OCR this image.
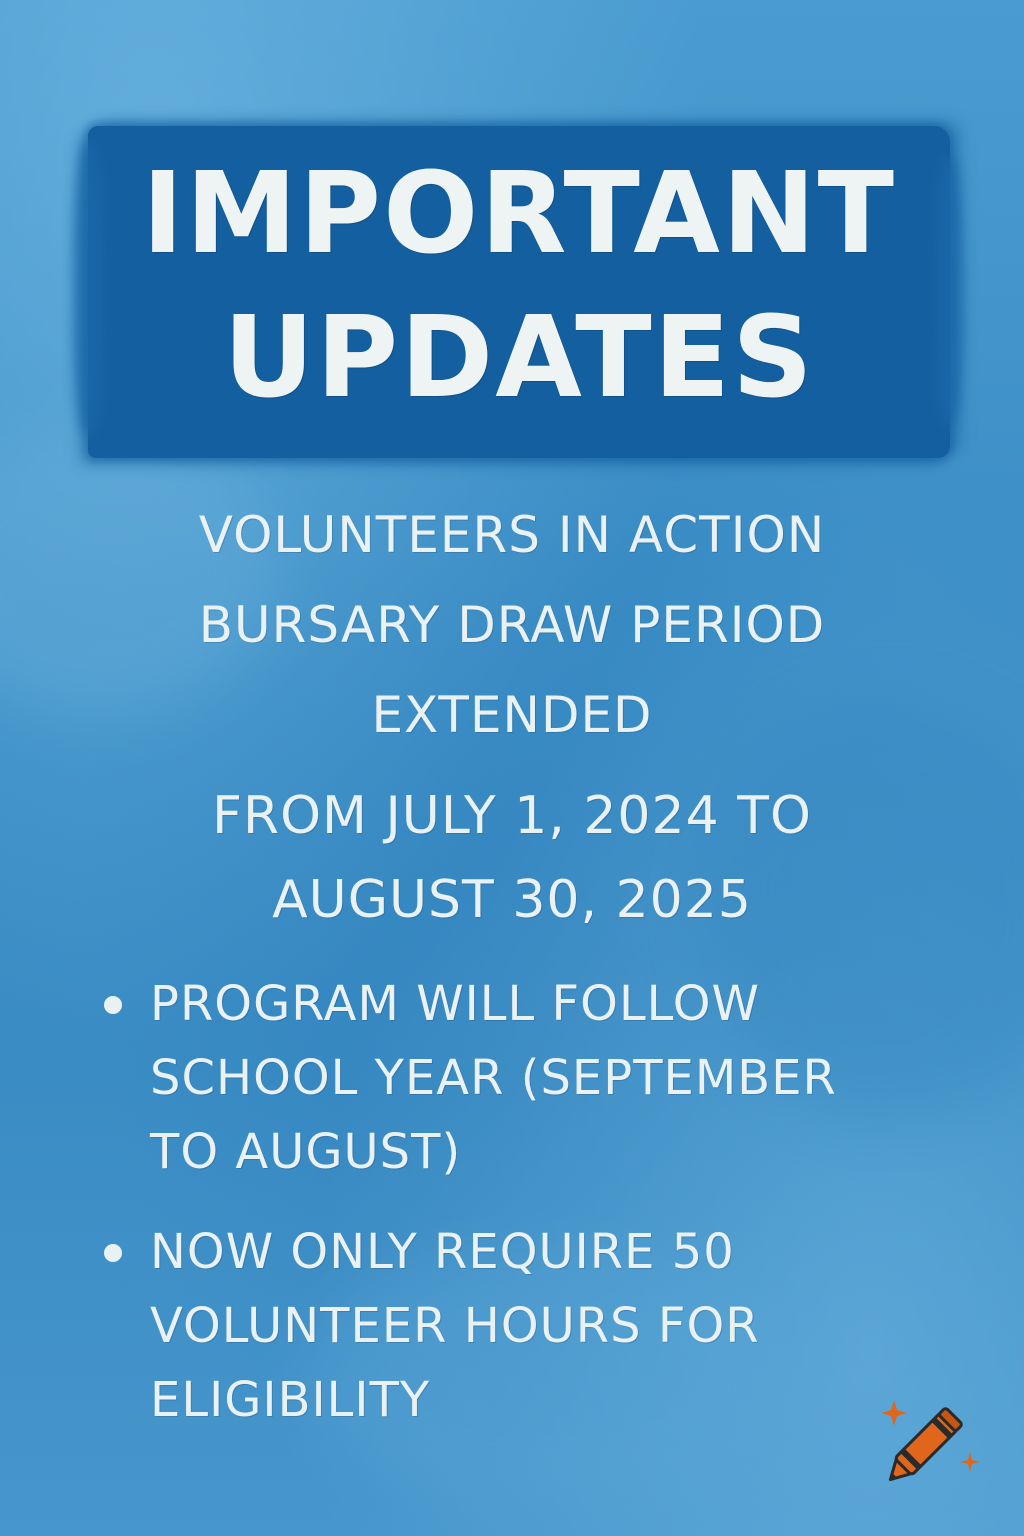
IMPORTANT
UPDATES
VOLUNTEERS IN ACTION
BURSARY DRAW PERIOD
EXTENDED
FROM JULY 1, 2024 TO
AUGUST 30, 2025
PROGRAM WILL FOLLOW
SCHOOL YEAR (SEPTEMBER
TO AUGUST)
NOW ONLY REQUIRE 50
VOLUNTEER HOURS FOR
ELIGIBILITY
